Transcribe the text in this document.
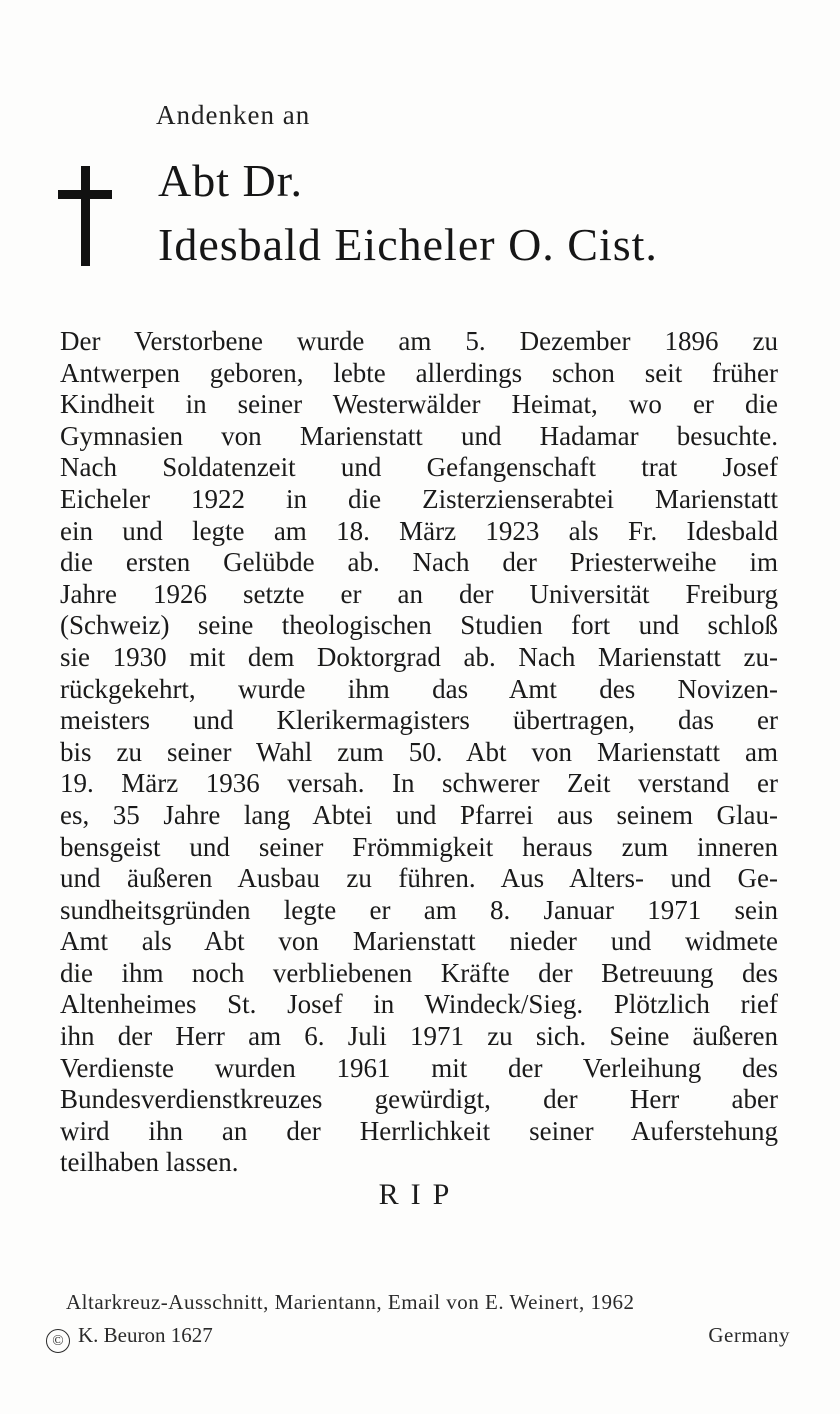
Andenken an
Abt Dr.
Idesbald Eicheler O. Cist.
Der Verstorbene wurde am 5. Dezember 1896 zu
Antwerpen geboren, lebte allerdings schon seit früher
Kindheit in seiner Westerwälder Heimat, wo er die
Gymnasien von Marienstatt und Hadamar besuchte.
Nach Soldatenzeit und Gefangenschaft trat Josef
Eicheler 1922 in die Zisterzienserabtei Marienstatt
ein und legte am 18. März 1923 als Fr. Idesbald
die ersten Gelübde ab. Nach der Priesterweihe im
Jahre 1926 setzte er an der Universität Freiburg
(Schweiz) seine theologischen Studien fort und schloß
sie 1930 mit dem Doktorgrad ab. Nach Marienstatt zu-
rückgekehrt, wurde ihm das Amt des Novizen-
meisters und Klerikermagisters übertragen, das er
bis zu seiner Wahl zum 50. Abt von Marienstatt am
19. März 1936 versah. In schwerer Zeit verstand er
es, 35 Jahre lang Abtei und Pfarrei aus seinem Glau-
bensgeist und seiner Frömmigkeit heraus zum inneren
und äußeren Ausbau zu führen. Aus Alters- und Ge-
sundheitsgründen legte er am 8. Januar 1971 sein
Amt als Abt von Marienstatt nieder und widmete
die ihm noch verbliebenen Kräfte der Betreuung des
Altenheimes St. Josef in Windeck/Sieg. Plötzlich rief
ihn der Herr am 6. Juli 1971 zu sich. Seine äußeren
Verdienste wurden 1961 mit der Verleihung des
Bundesverdienstkreuzes gewürdigt, der Herr aber
wird ihn an der Herrlichkeit seiner Auferstehung
teilhaben lassen.
RIP
Altarkreuz-Ausschnitt, Marientann, Email von E. Weinert, 1962
© K. Beuron 1627	Germany
